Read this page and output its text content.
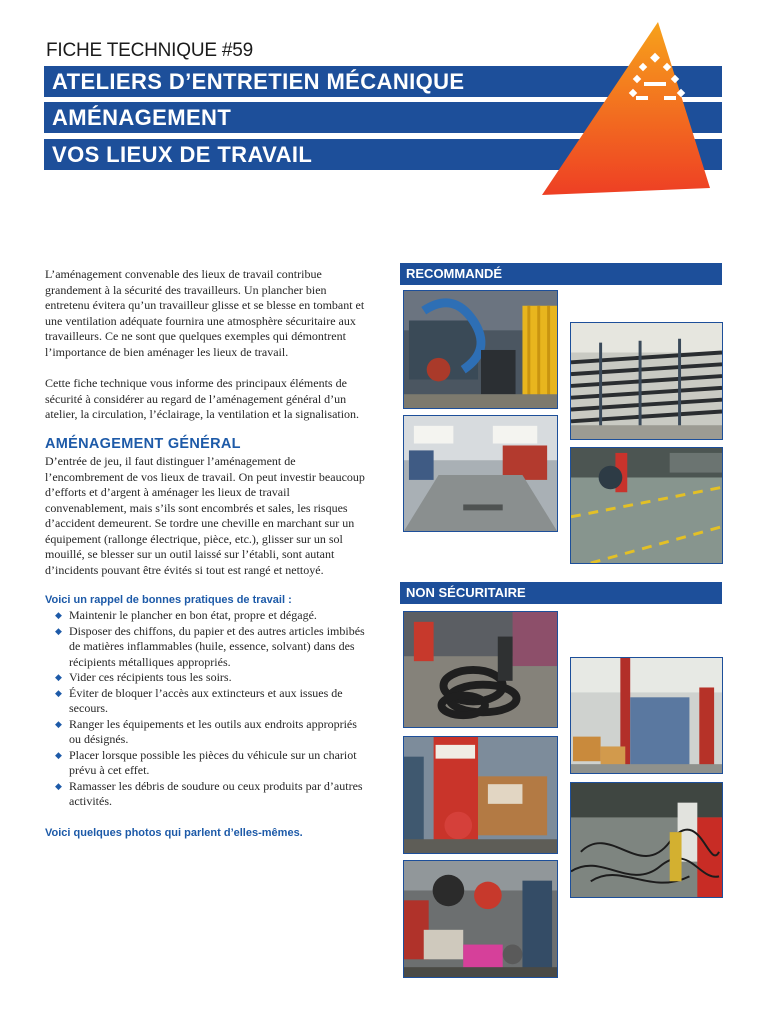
FICHE TECHNIQUE #59
ATELIERS D’ENTRETIEN MÉCANIQUE
AMÉNAGEMENT
VOS LIEUX DE TRAVAIL
L’aménagement convenable des lieux de travail contribue grandement à la sécurité des travailleurs. Un plancher bien entretenu évitera qu’un travailleur glisse et se blesse en tombant et une ventilation adéquate fournira une atmosphère sécuritaire aux travailleurs. Ce ne sont que quelques exemples qui démontrent l’importance de bien aménager les lieux de travail.
Cette fiche technique vous informe des principaux éléments de sécurité à considérer au regard de l’aménagement général d’un atelier, la circulation, l’éclairage, la ventilation et la signalisation.
AMÉNAGEMENT GÉNÉRAL
D’entrée de jeu, il faut distinguer l’aménagement de l’encombrement de vos lieux de travail. On peut investir beaucoup d’efforts et d’argent à aménager les lieux de travail convenablement, mais s’ils sont encombrés et sales, les risques d’accident demeurent. Se tordre une cheville en marchant sur un équipement (rallonge électrique, pièce, etc.), glisser sur un sol mouillé, se blesser sur un outil laissé sur l’établi, sont autant d’incidents pouvant être évités si tout est rangé et nettoyé.
Voici un rappel de bonnes pratiques de travail :
◆ Maintenir le plancher en bon état, propre et dégagé.
◆ Disposer des chiffons, du papier et des autres articles imbibés de matières inflammables (huile, essence, solvant) dans des récipients métalliques appropriés.
◆ Vider ces récipients tous les soirs.
◆ Éviter de bloquer l’accès aux extincteurs et aux issues de secours.
◆ Ranger les équipements et les outils aux endroits appropriés ou désignés.
◆ Placer lorsque possible les pièces du véhicule sur un chariot prévu à cet effet.
◆ Ramasser les débris de soudure ou ceux produits par d’autres activités.
Voici quelques photos qui parlent d’elles-mêmes.
RECOMMANDÉ
NON SÉCURITAIRE
